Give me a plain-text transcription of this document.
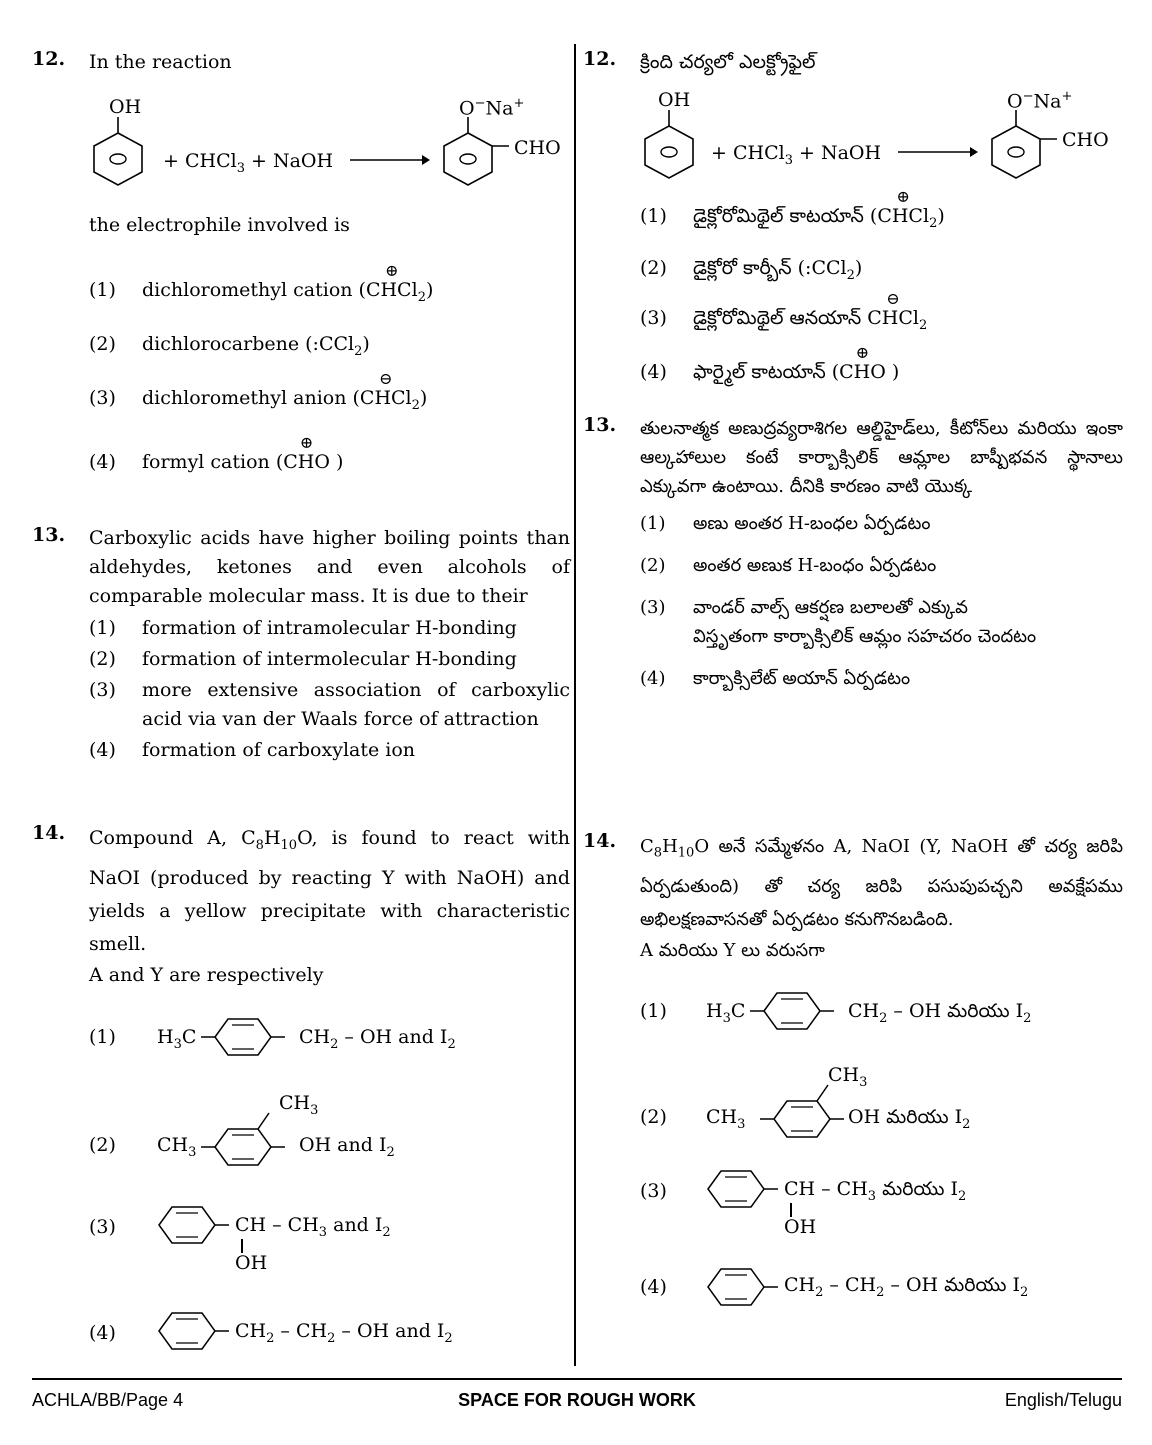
12. In the reaction
OH
+ CHCl$_3$ + NaOH
O−Na+
CHO
the electrophile involved is
(1) dichloromethyl cation (
⊕
CHCl$_2$)
(2) dichlorocarbene (:CCl$_2$)
(3) dichloromethyl anion (
⊖
CHCl$_2$)
(4) formyl cation (
⊕
CHO )
13. Carboxylic acids have higher boiling points than aldehydes, ketones and even alcohols of comparable molecular mass. It is due to their
(1) formation of intramolecular H-bonding
(2) formation of intermolecular H-bonding
(3) more extensive association of carboxylic acid via van der Waals force of attraction
(4) formation of carboxylate ion
14. Compound A, $C_8H_{10}O$, is found to react with NaOI (produced by reacting Y with NaOH) and yields a yellow precipitate with characteristic smell.
A and Y are respectively
(1) $H_3C$	$CH_2$ – OH and $I_2$
(2) $CH_3$
$CH_3$
OH and $I_2$
(3)	CH – $CH_3$ and $I_2$
OH
(4)	$CH_2 - CH_2$ – OH and $I_2$
12. క్రింది చర్యలో ఎలక్ట్రోఫైల్
OH
+ CHCl$_3$ + NaOH
O−Na+
CHO
(1) డైక్లోరోమిథైల్ కాటయాన్ (
⊕
CHCl$_2$)
(2) డైక్లోరో కార్బీన్ (:CCl$_2$)
(3) డైక్లోరోమిథైల్ ఆనయాన్
⊖
CHCl$_2$
(4) ఫార్మైల్ కాటయాన్ (
⊕
CHO )
13. తులనాత్మక అణుద్రవ్యరాశిగల ఆల్డిహైడ్‌లు, కీటోన్‌లు మరియు ఇంకా ఆల్కహాలుల కంటే కార్బాక్సిలిక్ ఆమ్లాల బాష్పీభవన స్థానాలు ఎక్కువగా ఉంటాయి. దీనికి కారణం వాటి యొక్క
(1) అణు అంతర H-బంధల ఏర్పడటం
(2) అంతర అణుక H-బంధం ఏర్పడటం
(3) వాండర్ వాల్స్ ఆకర్షణ బలాలతో ఎక్కువ విస్తృతంగా కార్బాక్సిలిక్ ఆమ్లం సహచరం చెందటం
(4) కార్బాక్సిలేట్ అయాన్ ఏర్పడటం
14. $C_8H_{10}O$ అనే సమ్మేళనం A, NaOI (Y, NaOH తో చర్య జరిపి ఏర్పడుతుంది) తో చర్య జరిపి పసుపుపచ్చని అవక్షేపము అభిలక్షణవాసనతో ఏర్పడటం కనుగొనబడింది.
A మరియు Y లు వరుసగా
(1) $H_3C$	$CH_2$ – OH మరియు $I_2$
(2) $CH_3$
$CH_3$
OH మరియు $I_2$
(3)	CH – $CH_3$ మరియు $I_2$
OH
(4)	$CH_2 - CH_2$ – OH మరియు $I_2$
ACHLA/BB/Page 4	SPACE FOR ROUGH WORK	English/Telugu
